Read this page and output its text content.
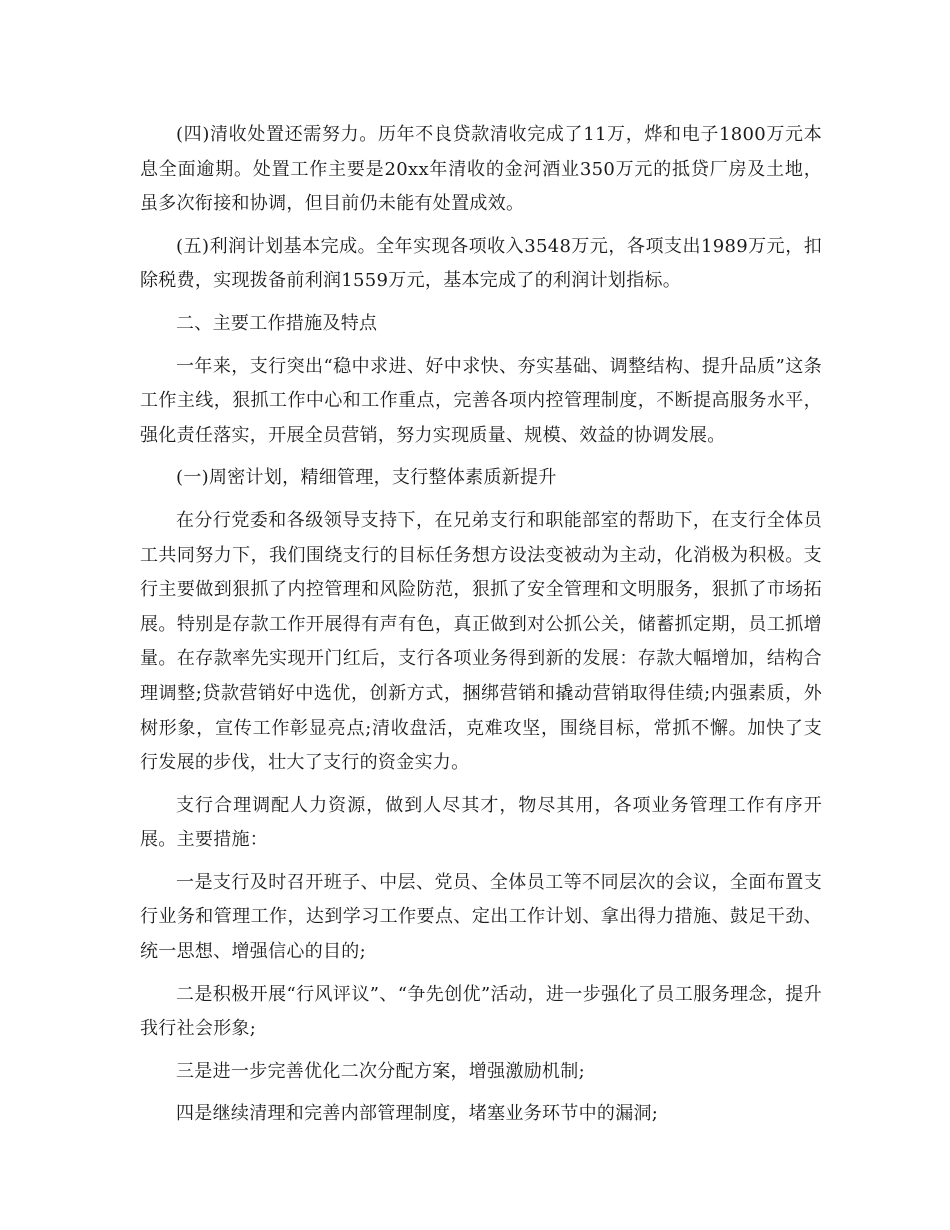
(四)清收处置还需努力。历年不良贷款清收完成了11万，烨和电子1800万元本息全面逾期。处置工作主要是20xx年清收的金河酒业350万元的抵贷厂房及土地，虽多次衔接和协调，但目前仍未能有处置成效。

(五)利润计划基本完成。全年实现各项收入3548万元，各项支出1989万元，扣除税费，实现拨备前利润1559万元，基本完成了的利润计划指标。

二、主要工作措施及特点

一年来，支行突出“稳中求进、好中求快、夯实基础、调整结构、提升品质”这条工作主线，狠抓工作中心和工作重点，完善各项内控管理制度，不断提高服务水平，强化责任落实，开展全员营销，努力实现质量、规模、效益的协调发展。

(一)周密计划，精细管理，支行整体素质新提升

在分行党委和各级领导支持下，在兄弟支行和职能部室的帮助下，在支行全体员工共同努力下，我们围绕支行的目标任务想方设法变被动为主动，化消极为积极。支行主要做到狠抓了内控管理和风险防范，狠抓了安全管理和文明服务，狠抓了市场拓展。特别是存款工作开展得有声有色，真正做到对公抓公关，储蓄抓定期，员工抓增量。在存款率先实现开门红后，支行各项业务得到新的发展：存款大幅增加，结构合理调整;贷款营销好中选优，创新方式，捆绑营销和撬动营销取得佳绩;内强素质，外树形象，宣传工作彰显亮点;清收盘活，克难攻坚，围绕目标，常抓不懈。加快了支行发展的步伐，壮大了支行的资金实力。

支行合理调配人力资源，做到人尽其才，物尽其用，各项业务管理工作有序开展。主要措施：

一是支行及时召开班子、中层、党员、全体员工等不同层次的会议，全面布置支行业务和管理工作，达到学习工作要点、定出工作计划、拿出得力措施、鼓足干劲、统一思想、增强信心的目的;

二是积极开展“行风评议”、“争先创优”活动，进一步强化了员工服务理念，提升我行社会形象;

三是进一步完善优化二次分配方案，增强激励机制;

四是继续清理和完善内部管理制度，堵塞业务环节中的漏洞;
